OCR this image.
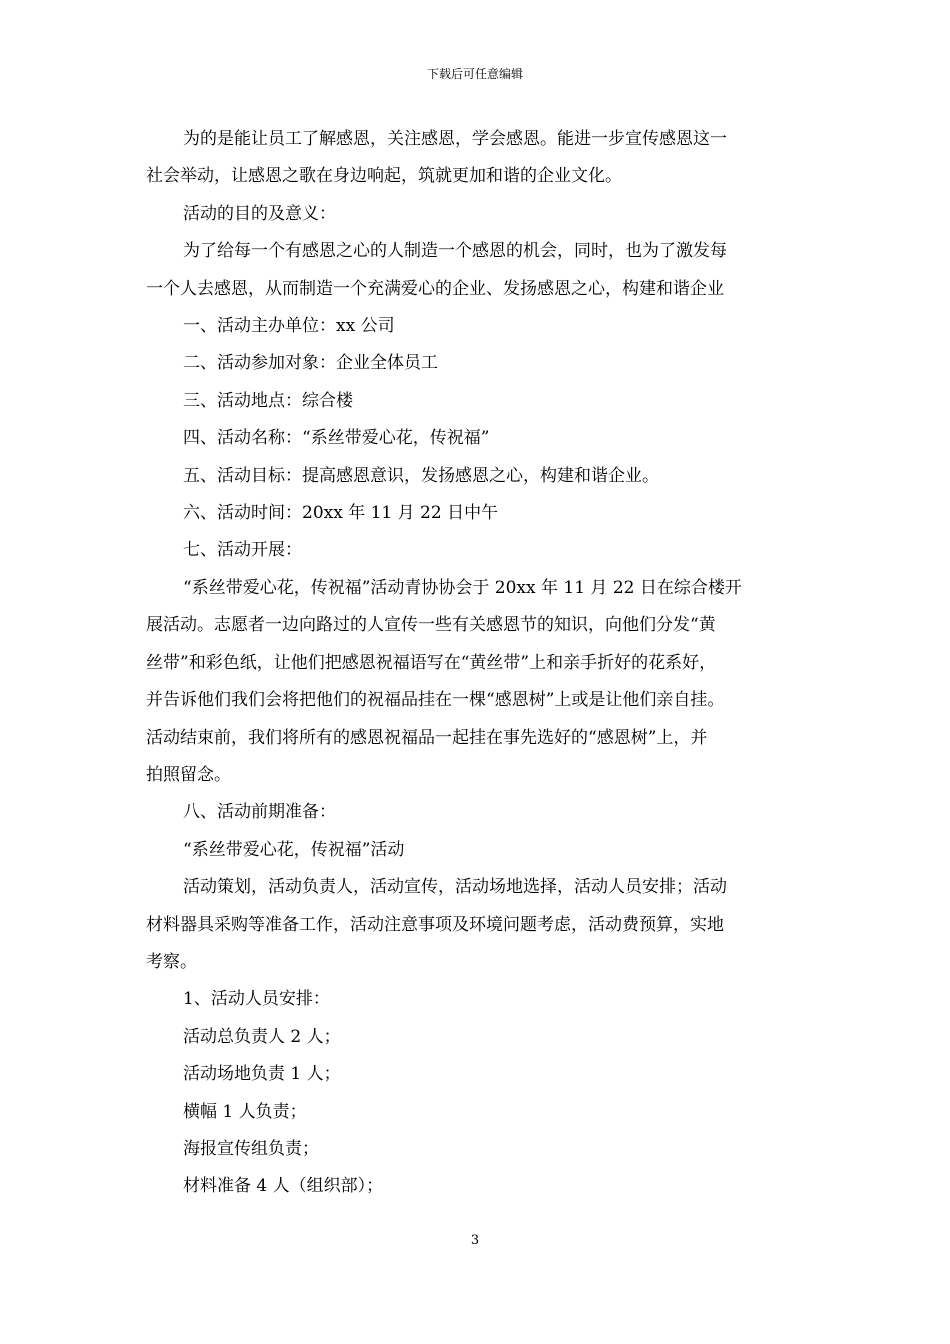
下载后可任意编辑

为的是能让员工了解感恩，关注感恩，学会感恩。能进一步宣传感恩这一

社会举动，让感恩之歌在身边响起，筑就更加和谐的企业文化。

活动的目的及意义：

为了给每一个有感恩之心的人制造一个感恩的机会，同时，也为了激发每

一个人去感恩，从而制造一个充满爱心的企业、发扬感恩之心，构建和谐企业

一、活动主办单位：xx 公司

二、活动参加对象：企业全体员工

三、活动地点：综合楼

四、活动名称：“系丝带爱心花，传祝福”

五、活动目标：提高感恩意识，发扬感恩之心，构建和谐企业。

六、活动时间：20xx 年 11 月 22 日中午

七、活动开展：

“系丝带爱心花，传祝福”活动青协协会于 20xx 年 11 月 22 日在综合楼开

展活动。志愿者一边向路过的人宣传一些有关感恩节的知识，向他们分发“黄

丝带”和彩色纸，让他们把感恩祝福语写在“黄丝带”上和亲手折好的花系好，

并告诉他们我们会将把他们的祝福品挂在一棵“感恩树”上或是让他们亲自挂。

活动结束前，我们将所有的感恩祝福品一起挂在事先选好的“感恩树”上，并

拍照留念。

八、活动前期准备：

“系丝带爱心花，传祝福”活动

活动策划，活动负责人，活动宣传，活动场地选择，活动人员安排；活动

材料器具采购等准备工作，活动注意事项及环境问题考虑，活动费预算，实地

考察。

1、活动人员安排：

活动总负责人 2 人；

活动场地负责 1 人；

横幅 1 人负责；

海报宣传组负责；

材料准备 4 人（组织部）；

3
